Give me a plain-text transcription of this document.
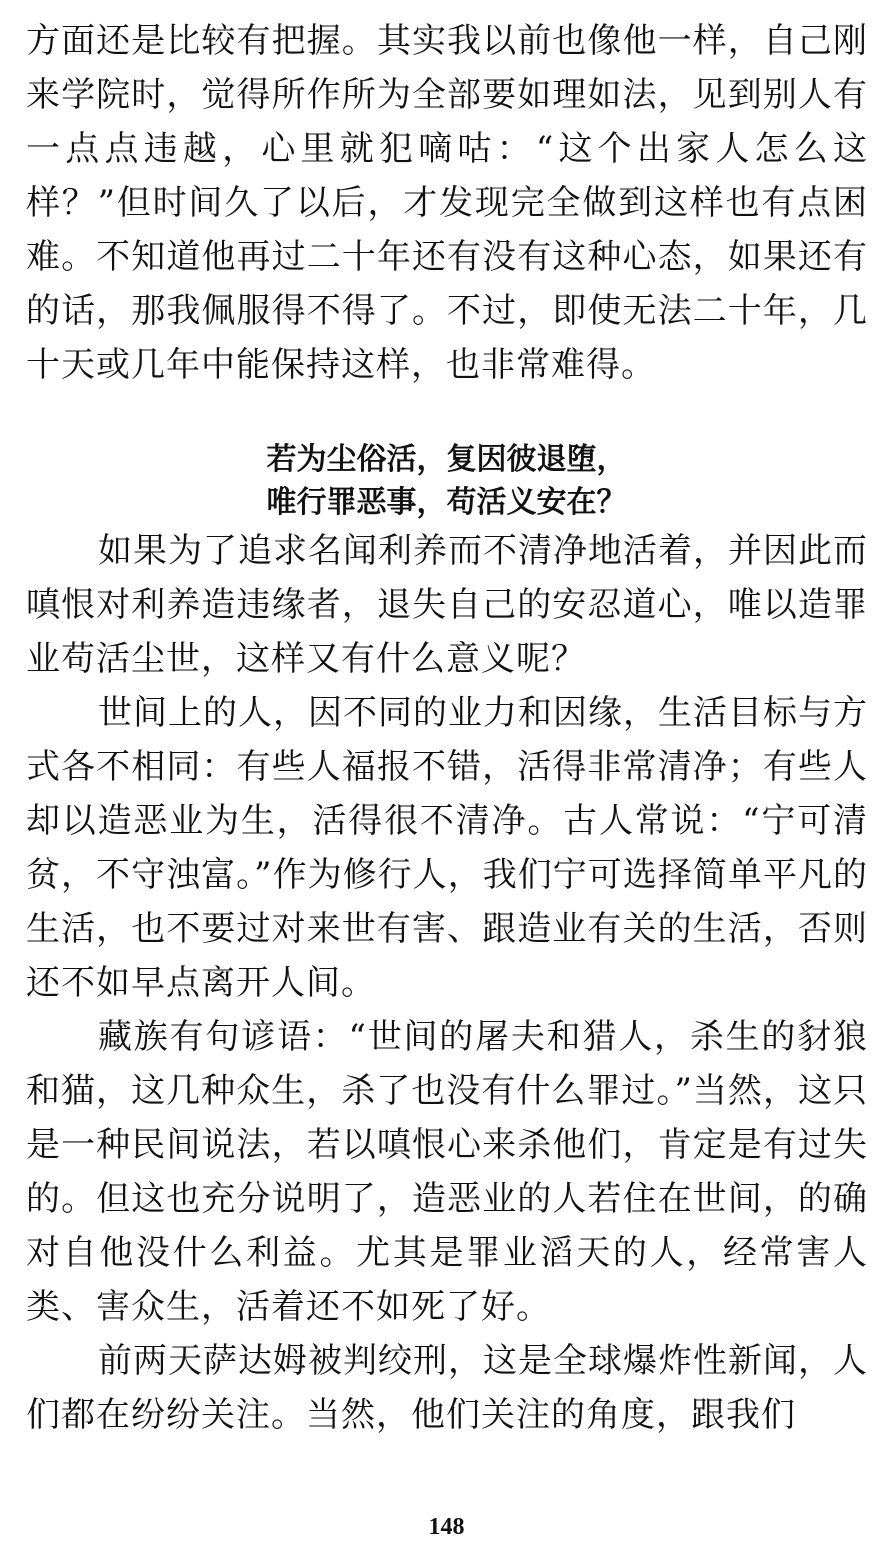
方面还是比较有把握。其实我以前也像他一样，自己刚来学院时，觉得所作所为全部要如理如法，见到别人有一点点违越，心里就犯嘀咕：“这个出家人怎么这样？”但时间久了以后，才发现完全做到这样也有点困难。不知道他再过二十年还有没有这种心态，如果还有的话，那我佩服得不得了。不过，即使无法二十年，几十天或几年中能保持这样，也非常难得。

若为尘俗活，复因彼退堕，
唯行罪恶事，苟活义安在？

如果为了追求名闻利养而不清净地活着，并因此而嗔恨对利养造违缘者，退失自己的安忍道心，唯以造罪业苟活尘世，这样又有什么意义呢？

世间上的人，因不同的业力和因缘，生活目标与方式各不相同：有些人福报不错，活得非常清净；有些人却以造恶业为生，活得很不清净。古人常说：“宁可清贫，不守浊富。”作为修行人，我们宁可选择简单平凡的生活，也不要过对来世有害、跟造业有关的生活，否则还不如早点离开人间。

藏族有句谚语：“世间的屠夫和猎人，杀生的豺狼和猫，这几种众生，杀了也没有什么罪过。”当然，这只是一种民间说法，若以嗔恨心来杀他们，肯定是有过失的。但这也充分说明了，造恶业的人若住在世间，的确对自他没什么利益。尤其是罪业滔天的人，经常害人类、害众生，活着还不如死了好。

前两天萨达姆被判绞刑，这是全球爆炸性新闻，人们都在纷纷关注。当然，他们关注的角度，跟我们

148
